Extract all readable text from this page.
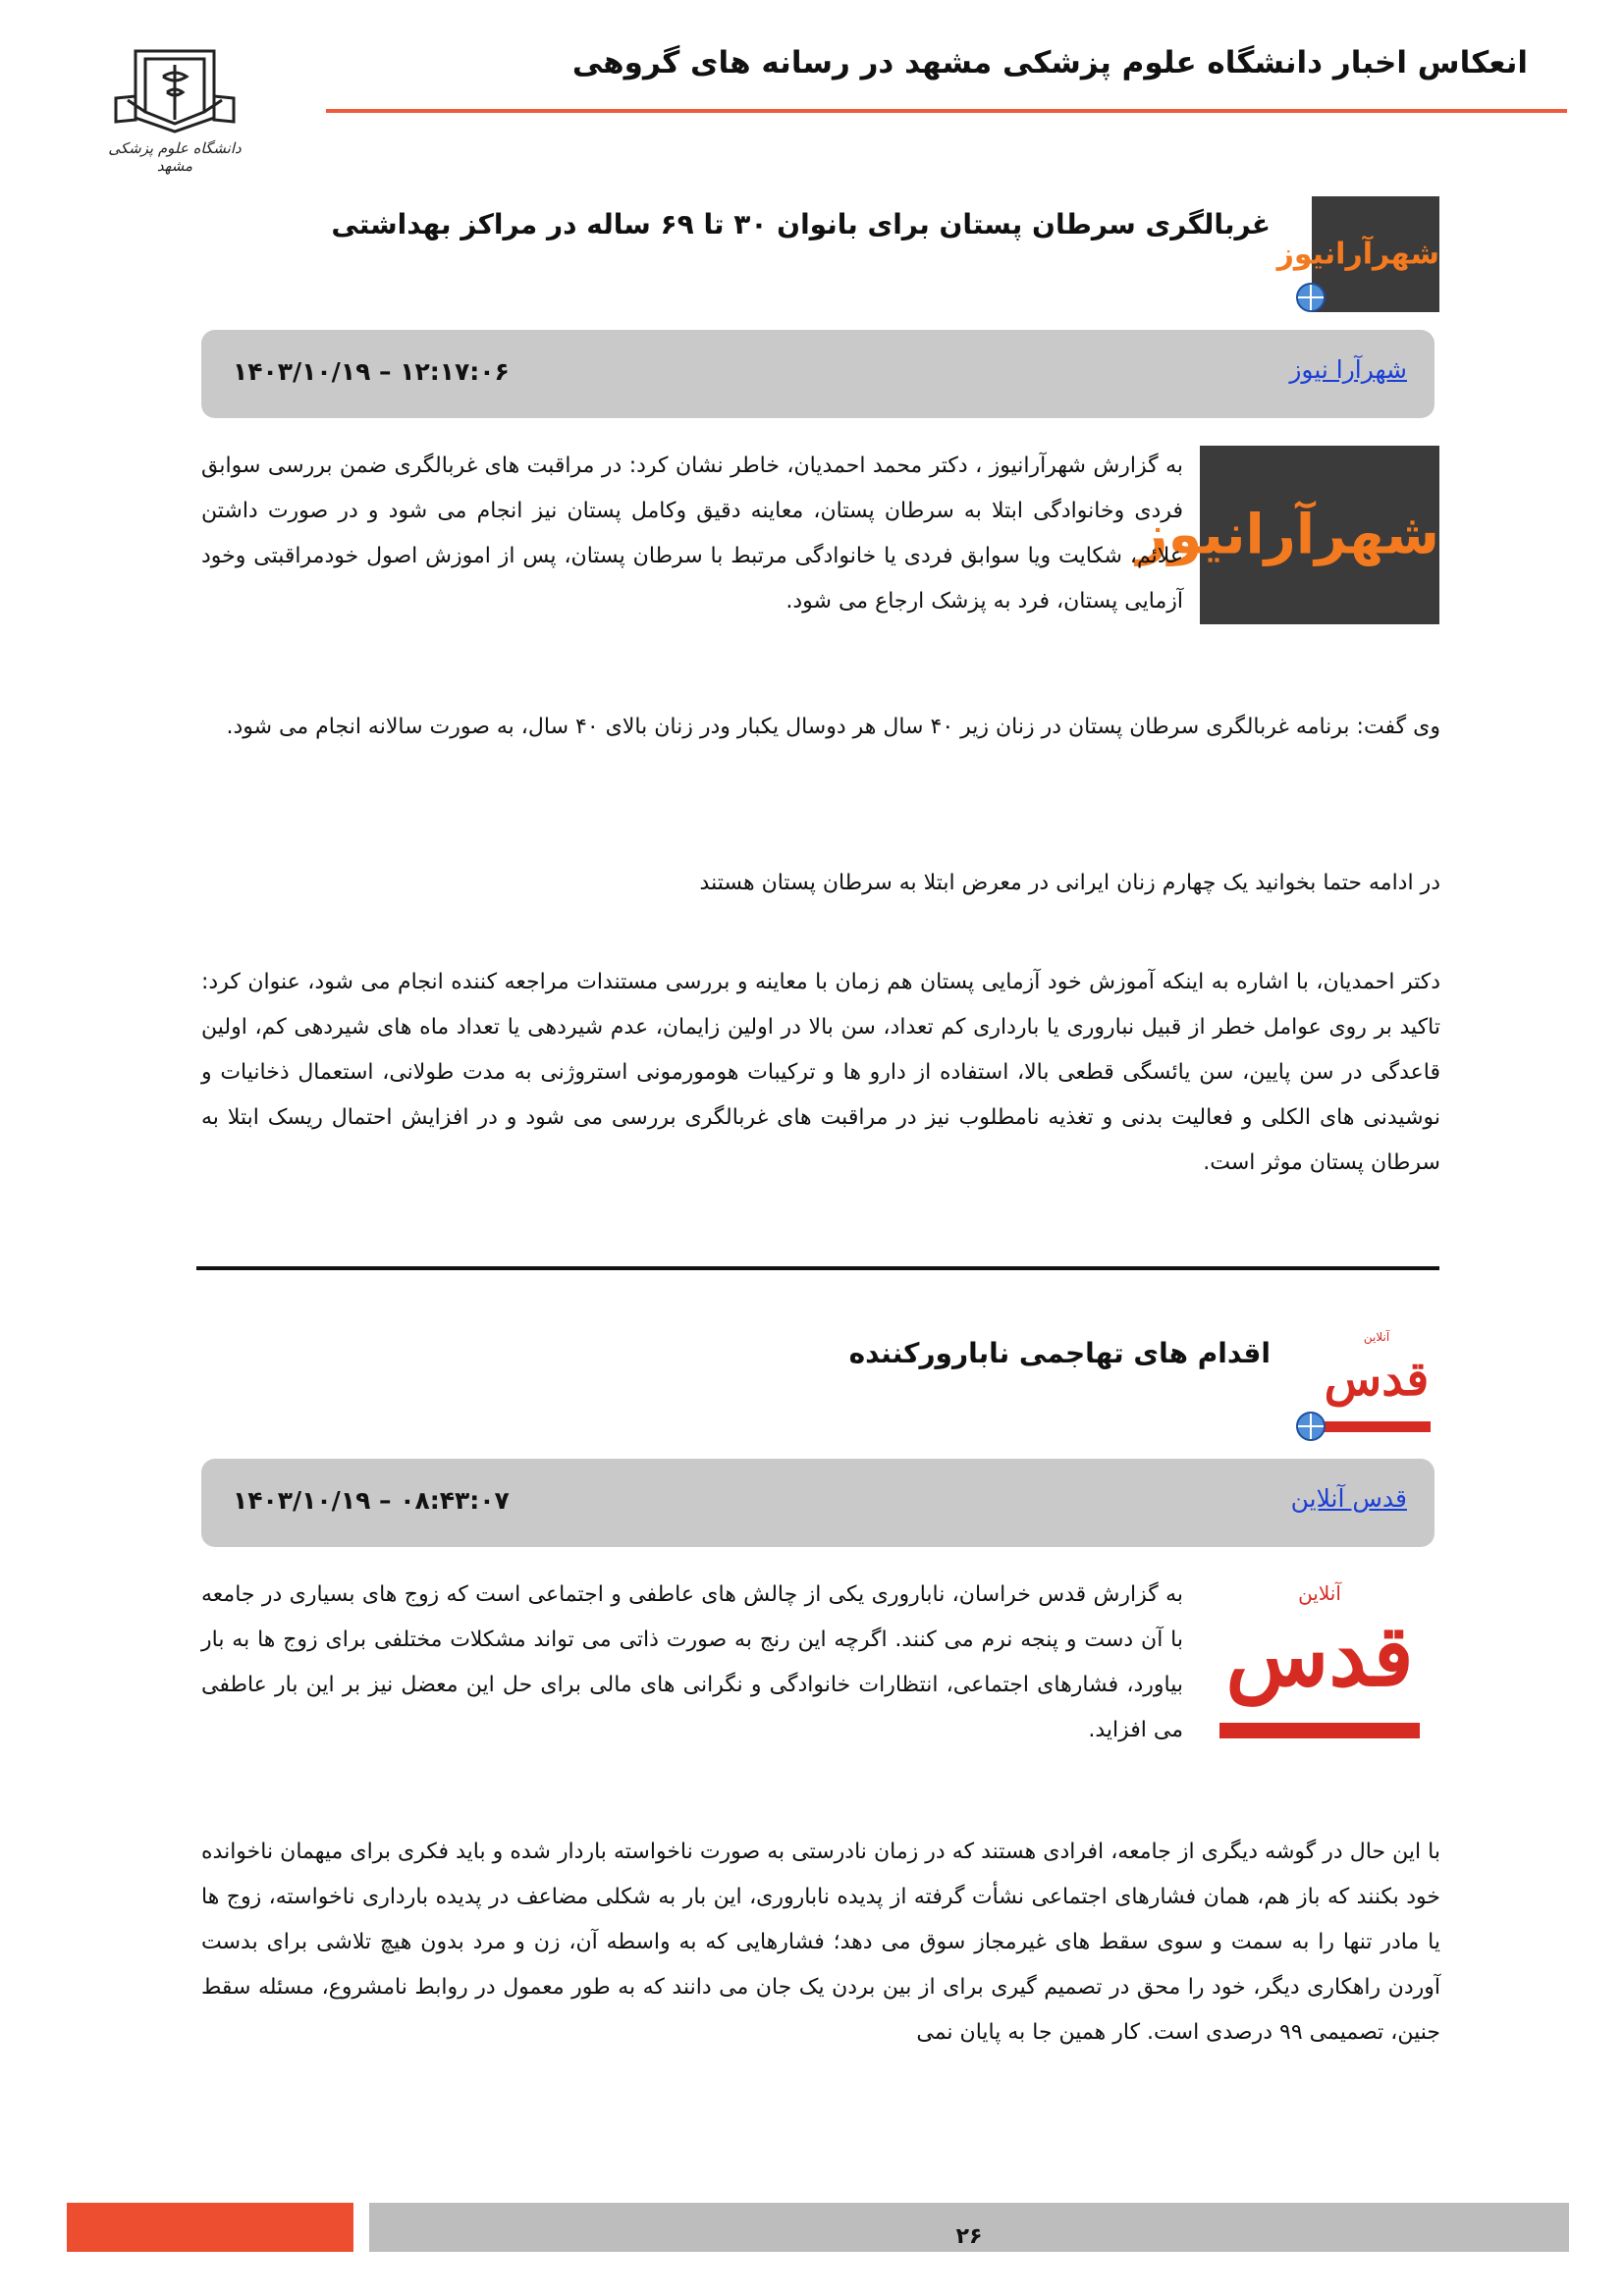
دانشگاه علوم پزشکی مشهد
انعکاس اخبار دانشگاه علوم پزشکی مشهد در رسانه های گروهی
شهرآرانیوز
غربالگری سرطان پستان برای بانوان ۳۰ تا ۶۹ ساله در مراکز بهداشتی
شهرآرا نیوز
۱۴۰۳/۱۰/۱۹ – ۱۲:۱۷:۰۶
شهرآرانیوز

به گزارش شهرآرانیوز ، دکتر محمد احمدیان، خاطر نشان کرد: در مراقبت های غربالگری ضمن بررسی سوابق فردی وخانوادگی ابتلا به سرطان پستان، معاینه دقیق وکامل پستان نیز انجام می شود و در صورت داشتن علائم، شکایت ویا سوابق فردی یا خانوادگی مرتبط با سرطان پستان، پس از اموزش اصول خودمراقبتی وخود آزمایی پستان، فرد به پزشک ارجاع می شود.

وی گفت: برنامه غربالگری سرطان پستان در زنان زیر ۴۰ سال هر دوسال یکبار ودر زنان بالای ۴۰ سال، به صورت سالانه انجام می شود.

در ادامه حتما بخوانید یک چهارم زنان ایرانی در معرض ابتلا به سرطان پستان هستند

دکتر احمدیان، با اشاره به اینکه آموزش خود آزمایی پستان هم زمان با معاینه و بررسی مستندات مراجعه کننده انجام می شود، عنوان کرد: تاکید بر روی عوامل خطر از قبیل نباروری یا بارداری کم تعداد، سن بالا در اولین زایمان، عدم شیردهی یا تعداد ماه های شیردهی کم، اولین قاعدگی در سن پایین، سن یائسگی قطعی بالا، استفاده از دارو ها و ترکیبات هومورمونی استروژنی به مدت طولانی، استعمال ذخانیات و نوشیدنی های الکلی و فعالیت بدنی و تغذیه نامطلوب نیز در مراقبت های غربالگری بررسی می شود و در افزایش احتمال ریسک ابتلا به سرطان پستان موثر است.

آنلاین
قدس
اقدام های تهاجمی نابارورکننده
قدس آنلاین
۱۴۰۳/۱۰/۱۹ – ۰۸:۴۳:۰۷
آنلاین
قدس

به گزارش قدس خراسان، ناباروری یکی از چالش های عاطفی و اجتماعی است که زوج های بسیاری در جامعه با آن دست و پنجه نرم می کنند. اگرچه این رنج به صورت ذاتی می تواند مشکلات مختلفی برای زوج ها به بار بیاورد، فشارهای اجتماعی، انتظارات خانوادگی و نگرانی های مالی برای حل این معضل نیز بر این بار عاطفی می افزاید.

با این حال در گوشه دیگری از جامعه، افرادی هستند که در زمان نادرستی به صورت ناخواسته باردار شده و باید فکری برای میهمان ناخوانده خود بکنند که باز هم، همان فشارهای اجتماعی نشأت گرفته از پدیده ناباروری، این بار به شکلی مضاعف در پدیده بارداری ناخواسته، زوج ها یا مادر تنها را به سمت و سوی سقط های غیرمجاز سوق می دهد؛ فشارهایی که به واسطه آن، زن و مرد بدون هیچ تلاشی برای بدست آوردن راهکاری دیگر، خود را محق در تصمیم گیری برای از بین بردن یک جان می دانند که به طور معمول در روابط نامشروع، مسئله سقط جنین، تصمیمی ۹۹ درصدی است. کار همین جا به پایان نمی

۲۶
